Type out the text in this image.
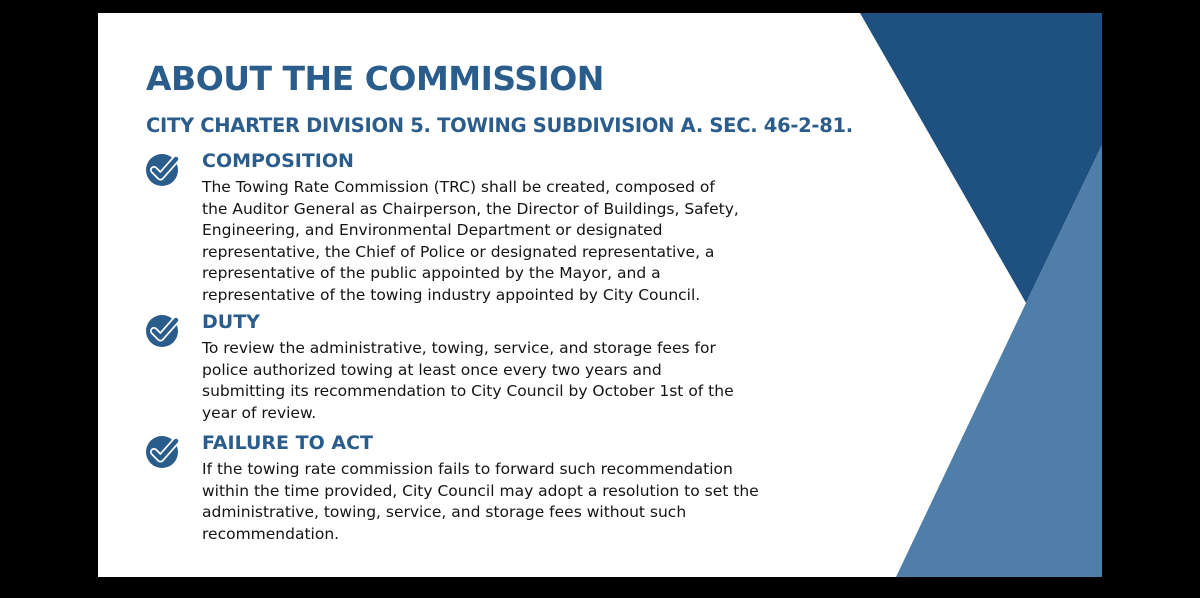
ABOUT THE COMMISSION
CITY CHARTER DIVISION 5. TOWING SUBDIVISION A. SEC. 46-2-81.
COMPOSITION

The Towing Rate Commission (TRC) shall be created, composed of
the Auditor General as Chairperson, the Director of Buildings, Safety,
Engineering, and Environmental Department or designated
representative, the Chief of Police or designated representative, a
representative of the public appointed by the Mayor, and a
representative of the towing industry appointed by City Council.

DUTY

To review the administrative, towing, service, and storage fees for
police authorized towing at least once every two years and
submitting its recommendation to City Council by October 1st of the
year of review.

FAILURE TO ACT

If the towing rate commission fails to forward such recommendation
within the time provided, City Council may adopt a resolution to set the
administrative, towing, service, and storage fees without such
recommendation.
